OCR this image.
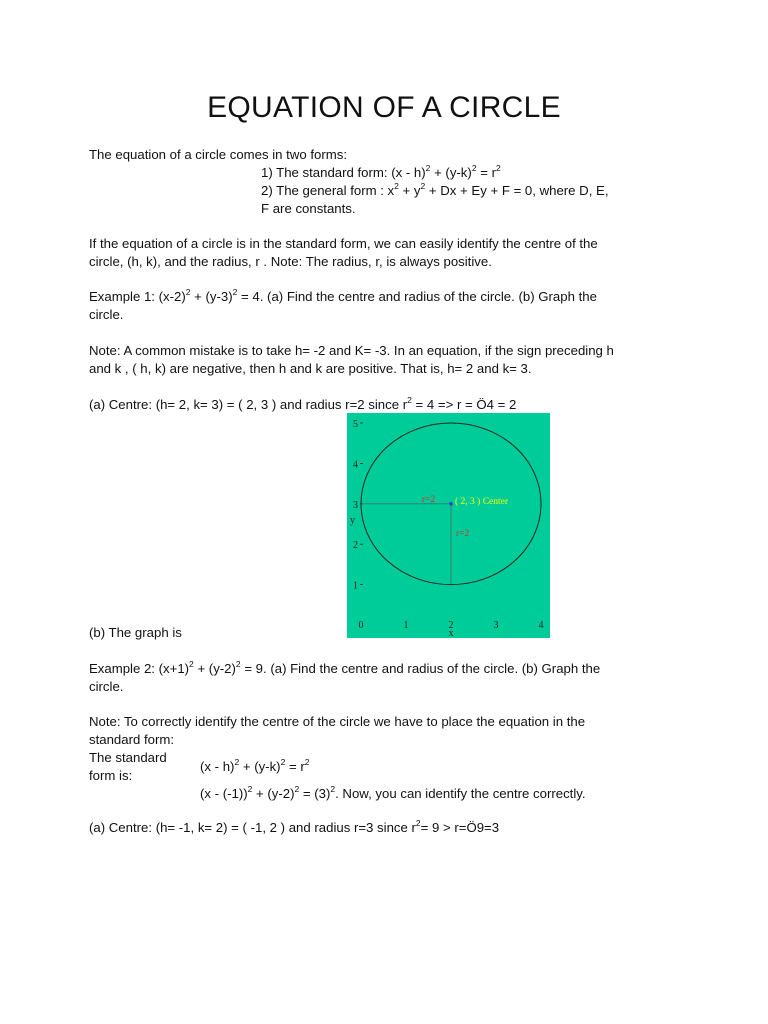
EQUATION OF A CIRCLE
The equation of a circle comes in two forms:
1) The standard form: $(x - h)^2 + (y-k)^2 = r^2$
2) The general form : $x^2 + y^2 + Dx + Ey + F = 0$, where D, E,
F are constants.
If the equation of a circle is in the standard form, we can easily identify the centre of the
circle, (h, k), and the radius, r . Note: The radius, r, is always positive.
Example 1: $(x-2)^2 + (y-3)^2 = 4$. (a) Find the centre and radius of the circle. (b) Graph the
circle.
Note: A common mistake is to take h= -2 and K= -3. In an equation, if the sign preceding h
and k , ( h, k) are negative, then h and k are positive. That is, h= 2 and k= 3.
(a) Centre: (h= 2, k= 3) = ( 2, 3 ) and radius r=2 since $r^2 = 4 => r$ = Ö4 = 2
1
2
3
4
5
0	1	2	3	4
x
y
r=2
r=2
( 2, 3 ) Center
(b) The graph is
Example 2: $(x+1)^2 + (y-2)^2 = 9$. (a) Find the centre and radius of the circle. (b) Graph the
circle.
Note: To correctly identify the centre of the circle we have to place the equation in the
standard form:
The standard
form is:
$(x - h)^2 + (y-k)^2 = r^2$
$(x - (-1))^2 + (y-2)^2 = (3)^2$. Now, you can identify the centre correctly.
(a) Centre: (h= -1, k= 2) = ( -1, 2 ) and radius r=3 since $r^2= 9$ > r=Ö9=3
